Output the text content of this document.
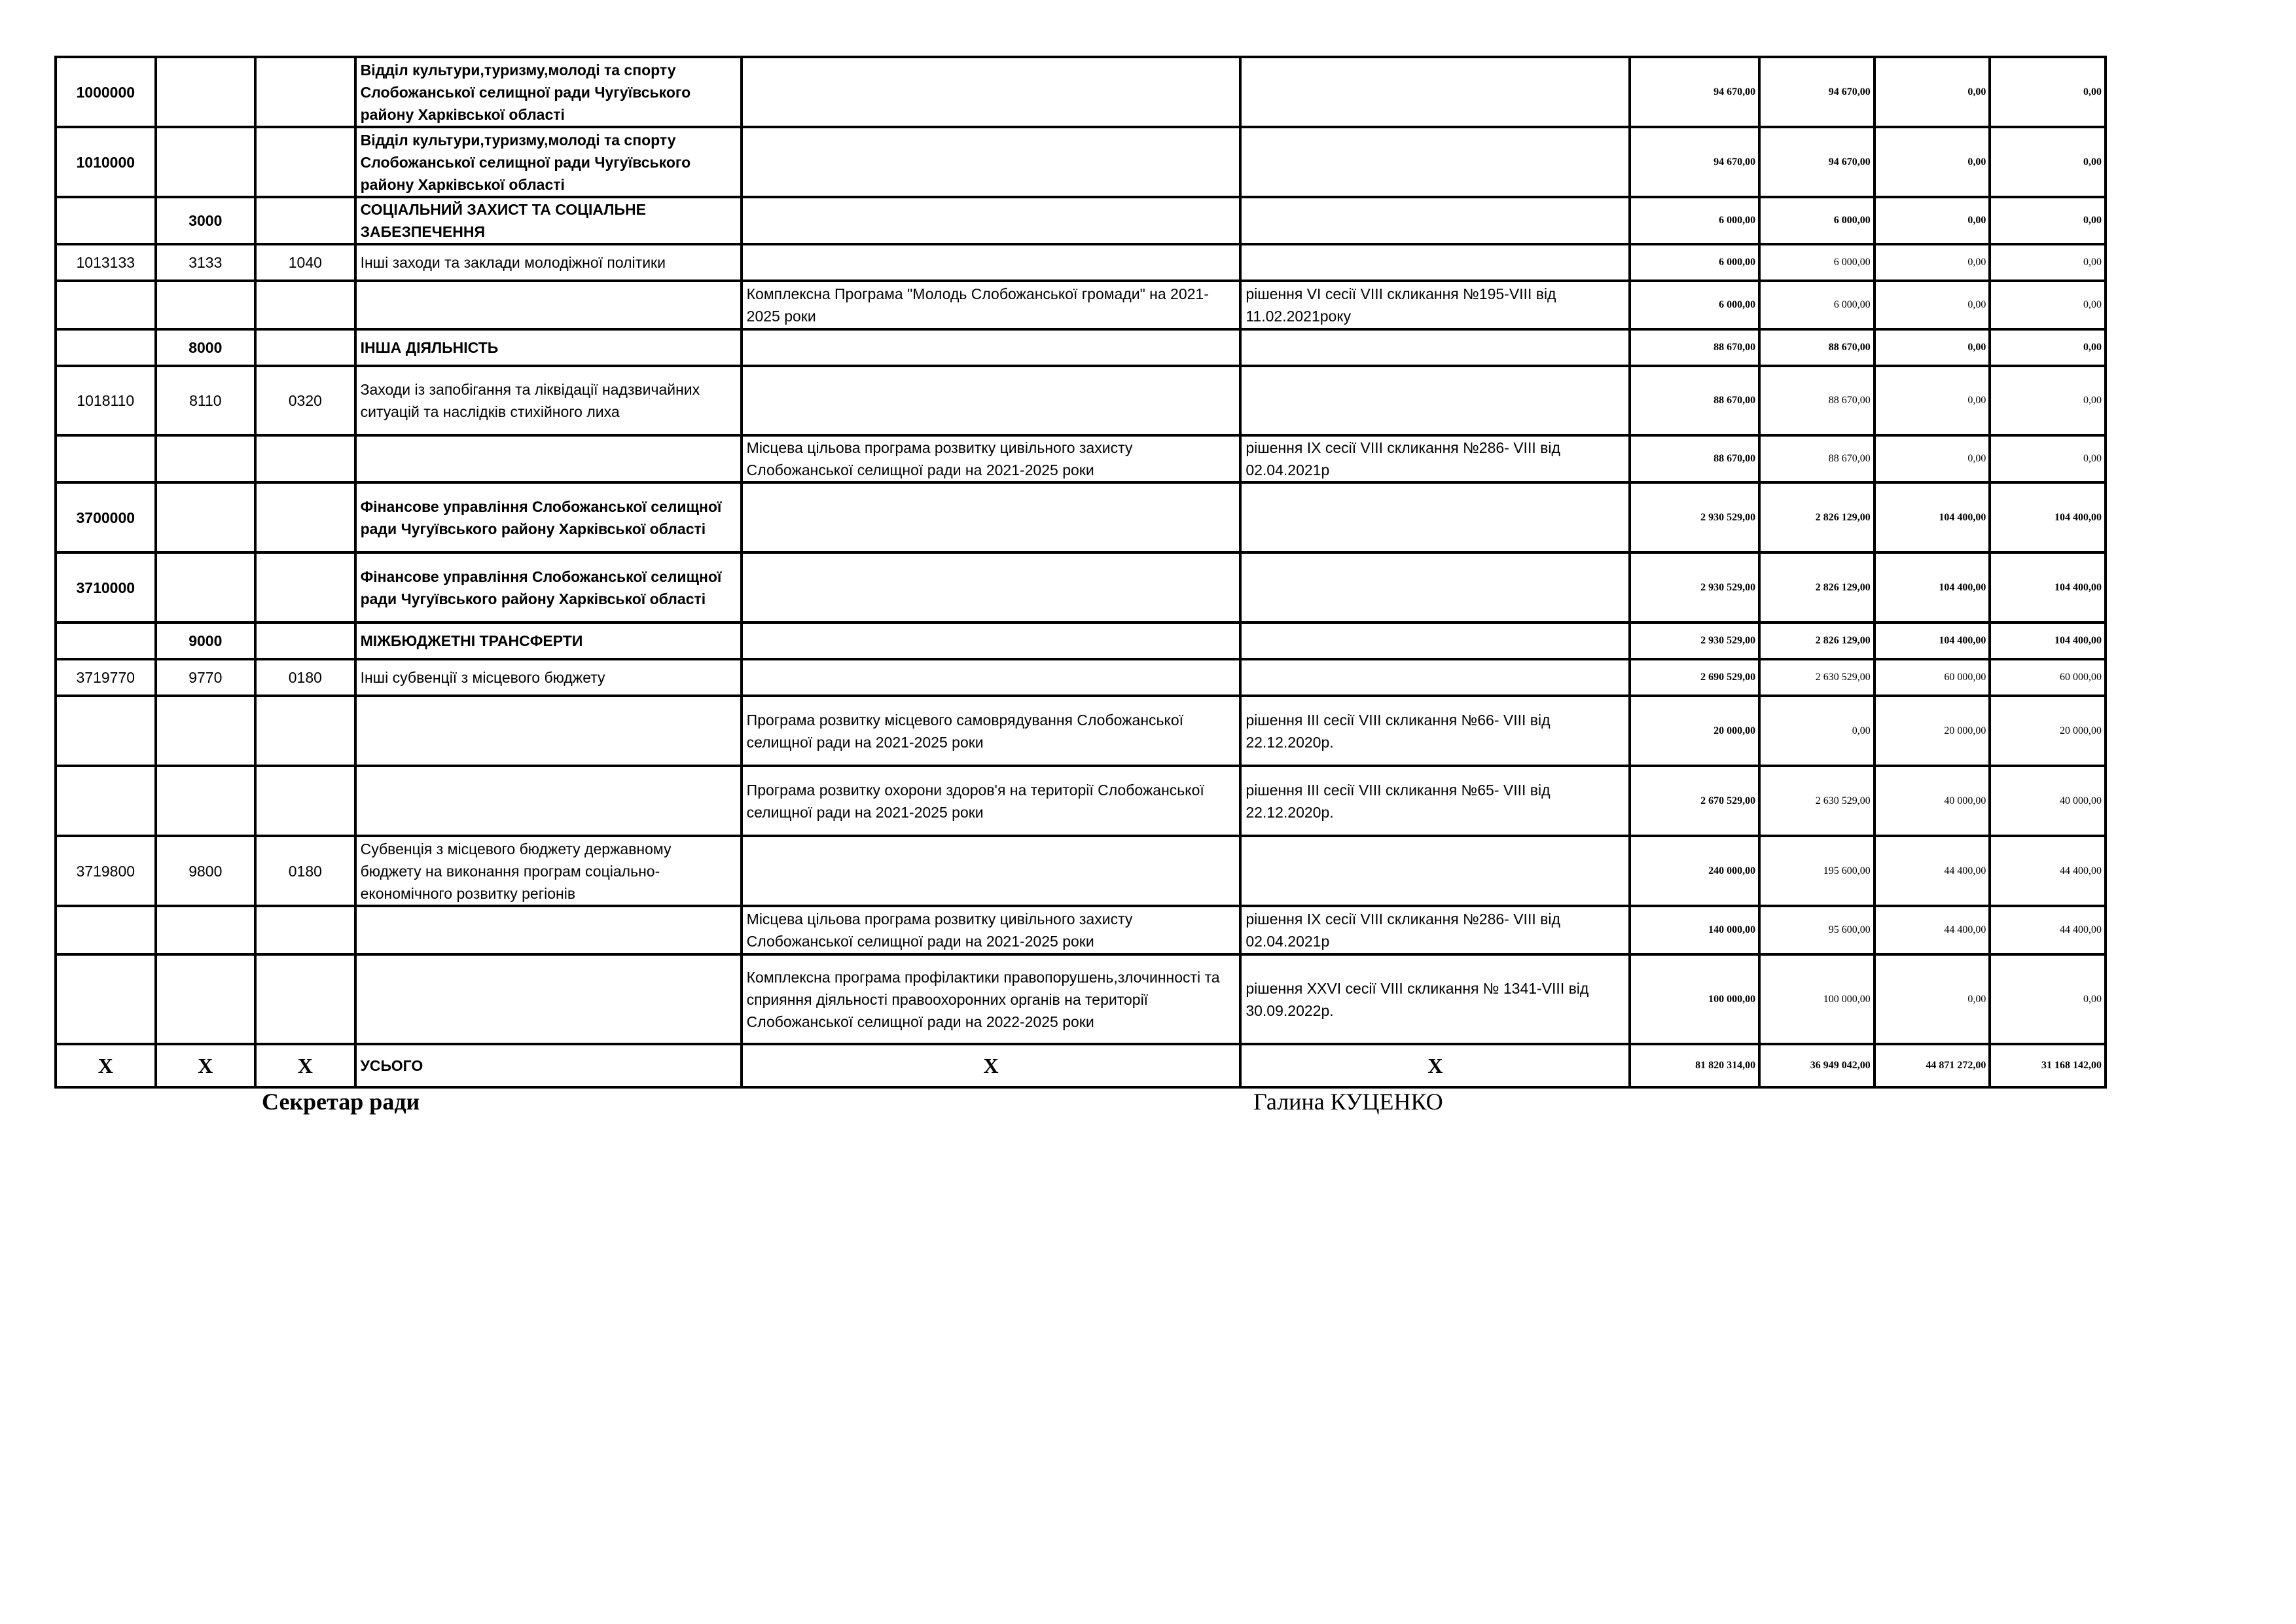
1000000			Відділ культури,туризму,молоді та спорту Слобожанської селищної ради Чугуївського району Харківської області			94 670,00	94 670,00	0,00	0,00
1010000			Відділ культури,туризму,молоді та спорту Слобожанської селищної ради Чугуївського району Харківської області			94 670,00	94 670,00	0,00	0,00
	3000		СОЦІАЛЬНИЙ ЗАХИСТ ТА СОЦІАЛЬНЕ ЗАБЕЗПЕЧЕННЯ			6 000,00	6 000,00	0,00	0,00
1013133	3133	1040	Інші заходи та заклади молодіжної політики			6 000,00	6 000,00	0,00	0,00
				Комплексна Програма "Молодь Слобожанської громади" на 2021-2025 роки	рішення VI сесії VIII скликання №195-VIII від 11.02.2021року	6 000,00	6 000,00	0,00	0,00
	8000		ІНША ДІЯЛЬНІСТЬ			88 670,00	88 670,00	0,00	0,00
1018110	8110	0320	Заходи із запобігання та ліквідації надзвичайних ситуацій та наслідків стихійного лиха			88 670,00	88 670,00	0,00	0,00
				Місцева цільова програма розвитку цивільного захисту Слобожанської селищної ради на 2021-2025 роки	рішення ІХ сесії VIII скликання №286- VIII від 02.04.2021р	88 670,00	88 670,00	0,00	0,00
3700000			Фінансове управління Слобожанської селищної ради Чугуївського району Харківської області			2 930 529,00	2 826 129,00	104 400,00	104 400,00
3710000			Фінансове управління Слобожанської селищної ради Чугуївського району Харківської області			2 930 529,00	2 826 129,00	104 400,00	104 400,00
	9000		МІЖБЮДЖЕТНІ ТРАНСФЕРТИ			2 930 529,00	2 826 129,00	104 400,00	104 400,00
3719770	9770	0180	Інші субвенції з місцевого бюджету			2 690 529,00	2 630 529,00	60 000,00	60 000,00
				Програма розвитку місцевого самоврядування Слобожанської селищної ради на 2021-2025 роки	рішення ІІІ сесії VIII скликання №66- VIII від 22.12.2020р.	20 000,00	0,00	20 000,00	20 000,00
				Програма розвитку охорони здоров'я на території Слобожанської селищної ради на 2021-2025 роки	рішення ІІІ сесії VIII скликання №65- VIII від 22.12.2020р.	2 670 529,00	2 630 529,00	40 000,00	40 000,00
3719800	9800	0180	Субвенція з місцевого бюджету державному бюджету на виконання програм соціально-економічного розвитку регіонів			240 000,00	195 600,00	44 400,00	44 400,00
				Місцева цільова програма розвитку цивільного захисту Слобожанської селищної ради на 2021-2025 роки	рішення ІХ сесії VIII скликання №286- VIII від 02.04.2021р	140 000,00	95 600,00	44 400,00	44 400,00
				Комплексна програма профілактики правопорушень,злочинності та сприяння діяльності правоохоронних органів на території Слобожанської селищної ради на 2022-2025 роки	рішення XXVI сесії VIII скликання № 1341-VIII від 30.09.2022р.	100 000,00	100 000,00	0,00	0,00
Х	Х	Х	УСЬОГО	Х	Х	81 820 314,00	36 949 042,00	44 871 272,00	31 168 142,00
Секретар ради	Галина КУЦЕНКО
